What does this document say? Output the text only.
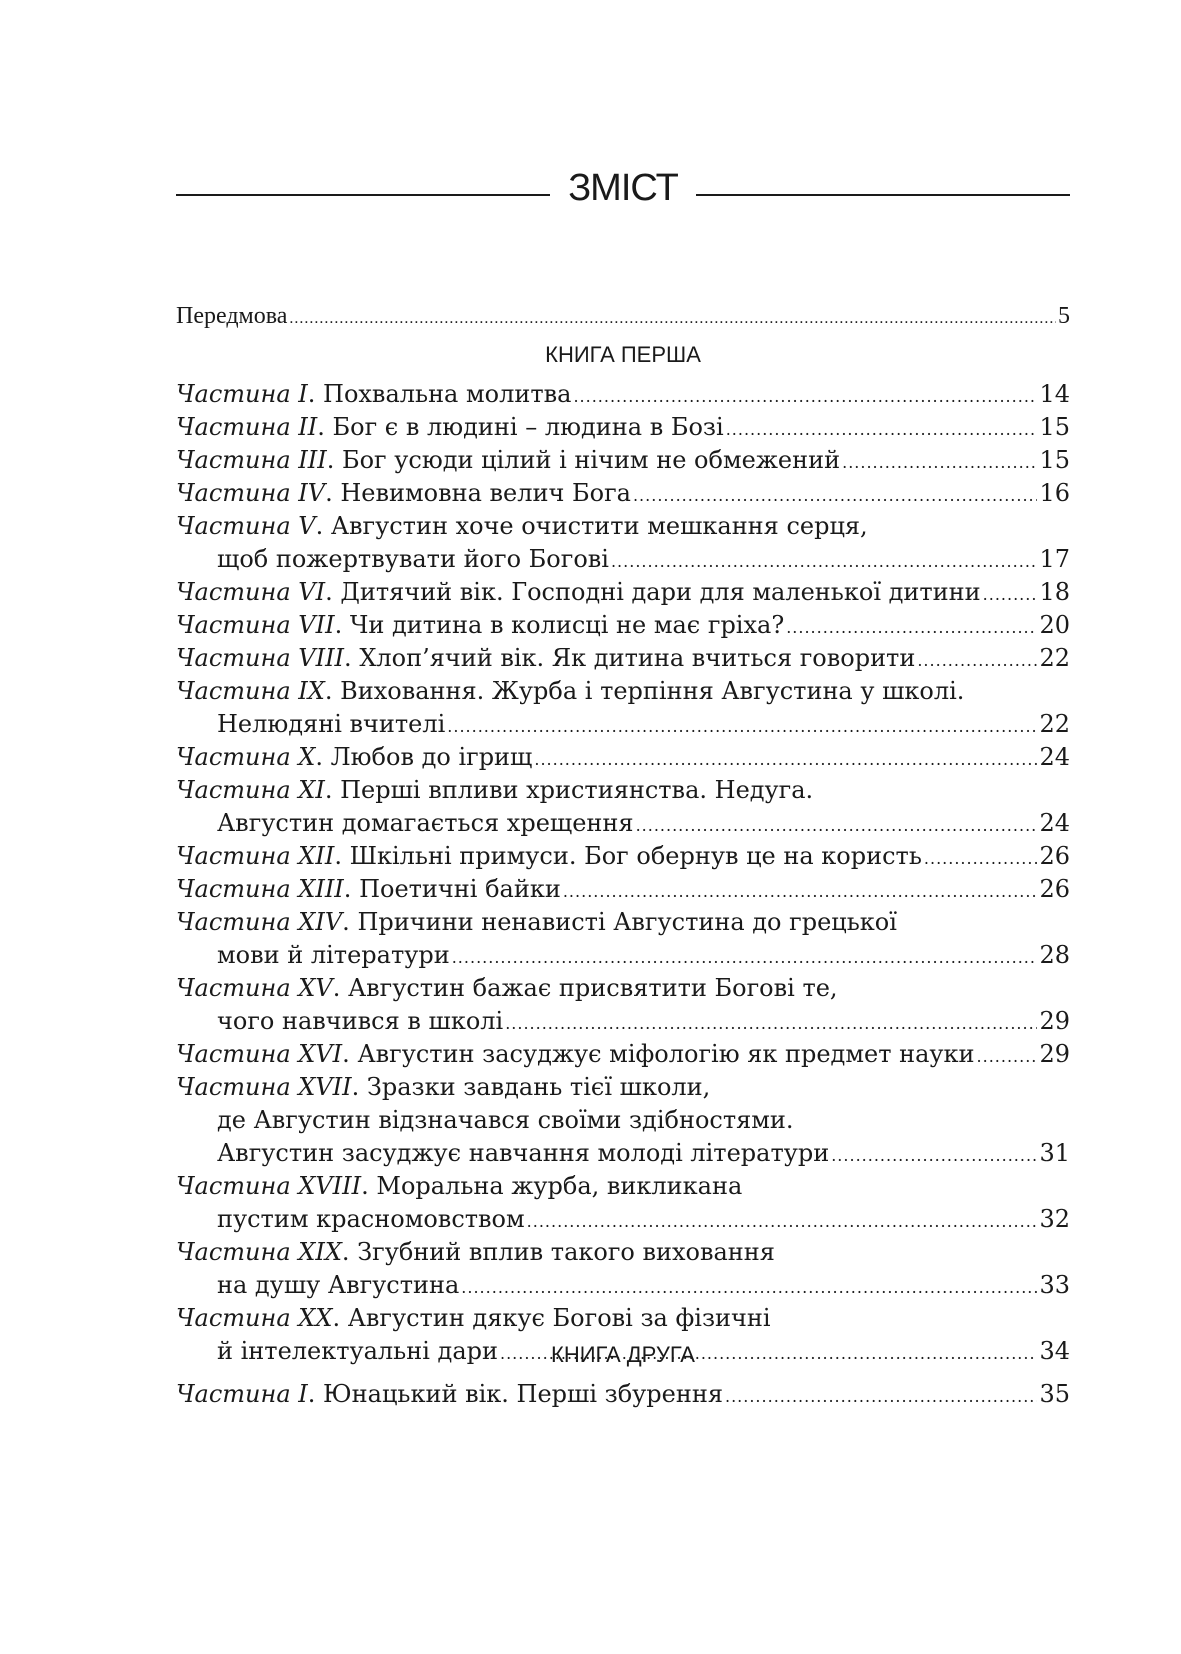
ЗМІСТ
Передмова .....	5
КНИГА ПЕРША
Частина I . Похвальна молитва .....	14
Частина II . Бог є в людині – людина в Бозі .....	15
Частина III . Бог усюди цілий і нічим не обмежений .....	15
Частина IV . Невимовна велич Бога .....	16
Частина V . Августин хоче очистити мешкання серця,
щоб пожертвувати його Богові .....	17
Частина VI . Дитячий вік. Господні дари для маленької дитини ..... 18
Частина VII . Чи дитина в колисці не має гріха? .....	20
Частина VIII . Хлоп’ячий вік. Як дитина вчиться говорити .....	22
Частина IX . Виховання. Журба і терпіння Августина у школі.
Нелюдяні вчителі .....	22
Частина X . Любов до ігрищ .....	24
Частина XI . Перші впливи християнства. Недуга.
Августин домагається хрещення .....	24
Частина XII . Шкільні примуси. Бог обернув це на користь .....	26
Частина XIII . Поетичні байки .....	26
Частина XIV . Причини ненависті Августина до грецької
мови й літератури .....	28
Частина XV . Августин бажає присвятити Богові те,
чого навчився в школі .....	29
Частина XVI . Августин засуджує міфологію як предмет науки .....	29
Частина XVII . Зразки завдань тієї школи,
де Августин відзначався своїми здібностями.
Августин засуджує навчання молоді літератури .....	31
Частина XVIII . Моральна журба, викликана
пустим красномовством .....	32
Частина XIX . Згубний вплив такого виховання
на душу Августина .....	33
Частина XX . Августин дякує Богові за фізичні
й інтелектуальні дари .....	34
КНИГА ДРУГА
Частина I . Юнацький вік. Перші збурення .....	35
